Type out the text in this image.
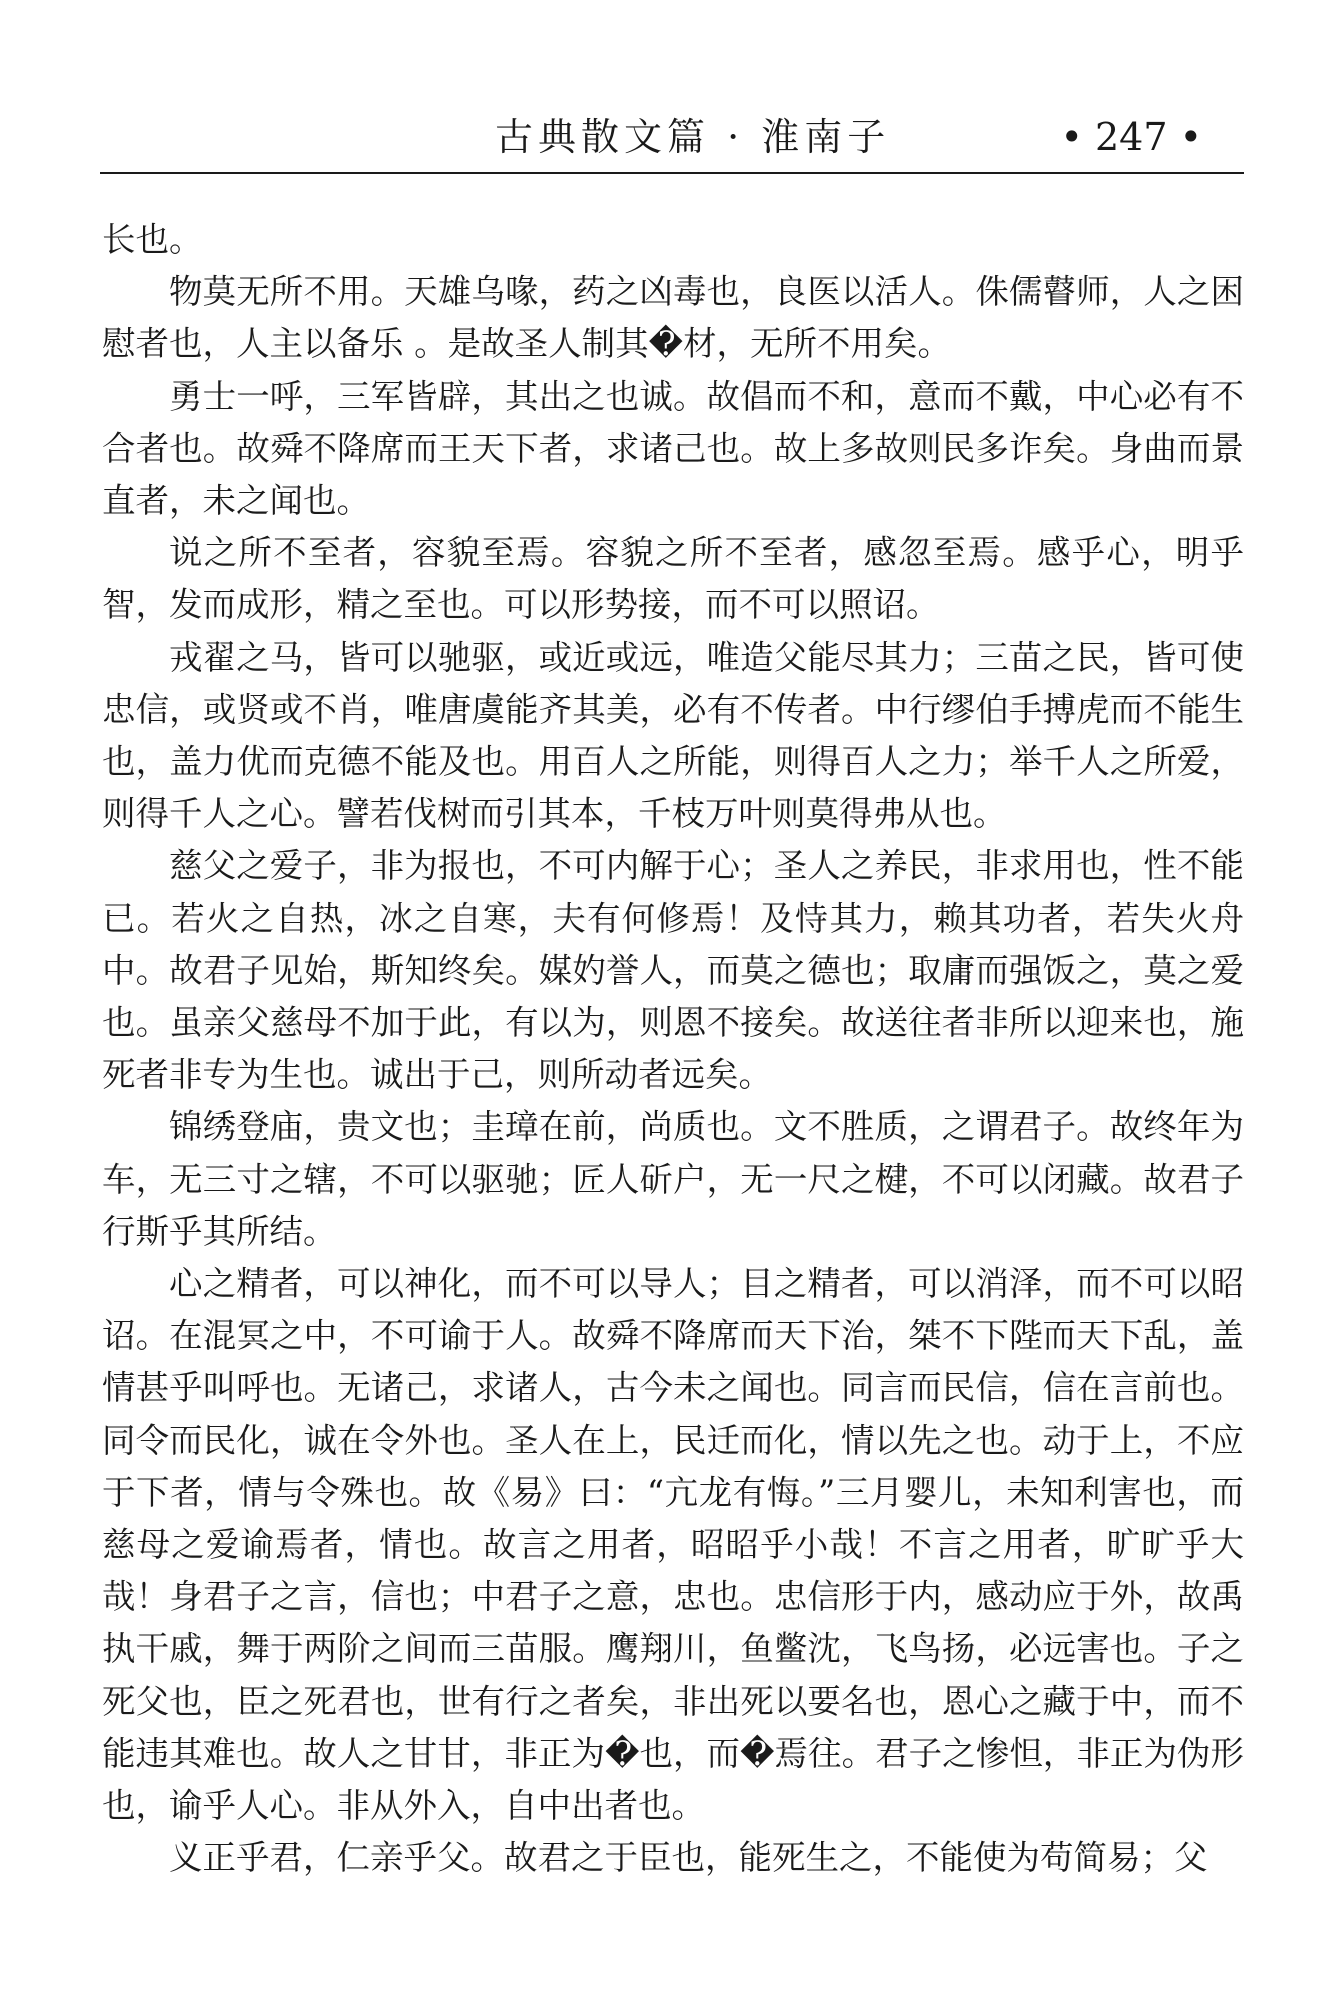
古典散文篇 · 淮南子	• 247 •

长也。

物莫无所不用。天雄乌喙，药之凶毒也，良医以活人。侏儒瞽师，人之困慰者也，人主以备乐 。是故圣人制其�材，无所不用矣。

勇士一呼，三军皆辟，其出之也诚。故倡而不和，意而不戴，中心必有不合者也。故舜不降席而王天下者，求诸己也。故上多故则民多诈矣。身曲而景直者，未之闻也。

说之所不至者，容貌至焉。容貌之所不至者，感忽至焉。感乎心，明乎智，发而成形，精之至也。可以形势接，而不可以照诏。

戎翟之马，皆可以驰驱，或近或远，唯造父能尽其力；三苗之民，皆可使忠信，或贤或不肖，唯唐虞能齐其美，必有不传者。中行缪伯手搏虎而不能生也，盖力优而克德不能及也。用百人之所能，则得百人之力；举千人之所爱，则得千人之心。譬若伐树而引其本，千枝万叶则莫得弗从也。

慈父之爱子，非为报也，不可内解于心；圣人之养民，非求用也，性不能已。若火之自热，冰之自寒，夫有何修焉！及恃其力，赖其功者，若失火舟中。故君子见始，斯知终矣。媒妁誉人，而莫之德也；取庸而强饭之，莫之爱也。虽亲父慈母不加于此，有以为，则恩不接矣。故送往者非所以迎来也，施死者非专为生也。诚出于己，则所动者远矣。

锦绣登庙，贵文也；圭璋在前，尚质也。文不胜质，之谓君子。故终年为车，无三寸之辖，不可以驱驰；匠人斫户，无一尺之楗，不可以闭藏。故君子行斯乎其所结。

心之精者，可以神化，而不可以导人；目之精者，可以消泽，而不可以昭诏。在混冥之中，不可谕于人。故舜不降席而天下治，桀不下陛而天下乱，盖情甚乎叫呼也。无诸己，求诸人，古今未之闻也。同言而民信，信在言前也。同令而民化，诚在令外也。圣人在上，民迁而化，情以先之也。动于上，不应于下者，情与令殊也。故《易》曰：“亢龙有悔。”三月婴儿，未知利害也，而慈母之爱谕焉者，情也。故言之用者，昭昭乎小哉！不言之用者，旷旷乎大哉！身君子之言，信也；中君子之意，忠也。忠信形于内，感动应于外，故禹执干戚，舞于两阶之间而三苗服。鹰翔川，鱼鳖沈，飞鸟扬，必远害也。子之死父也，臣之死君也，世有行之者矣，非出死以要名也，恩心之藏于中，而不能违其难也。故人之甘甘，非正为�也，而�焉往。君子之惨怛，非正为伪形也，谕乎人心。非从外入，自中出者也。

义正乎君，仁亲乎父。故君之于臣也，能死生之，不能使为苟简易；父
